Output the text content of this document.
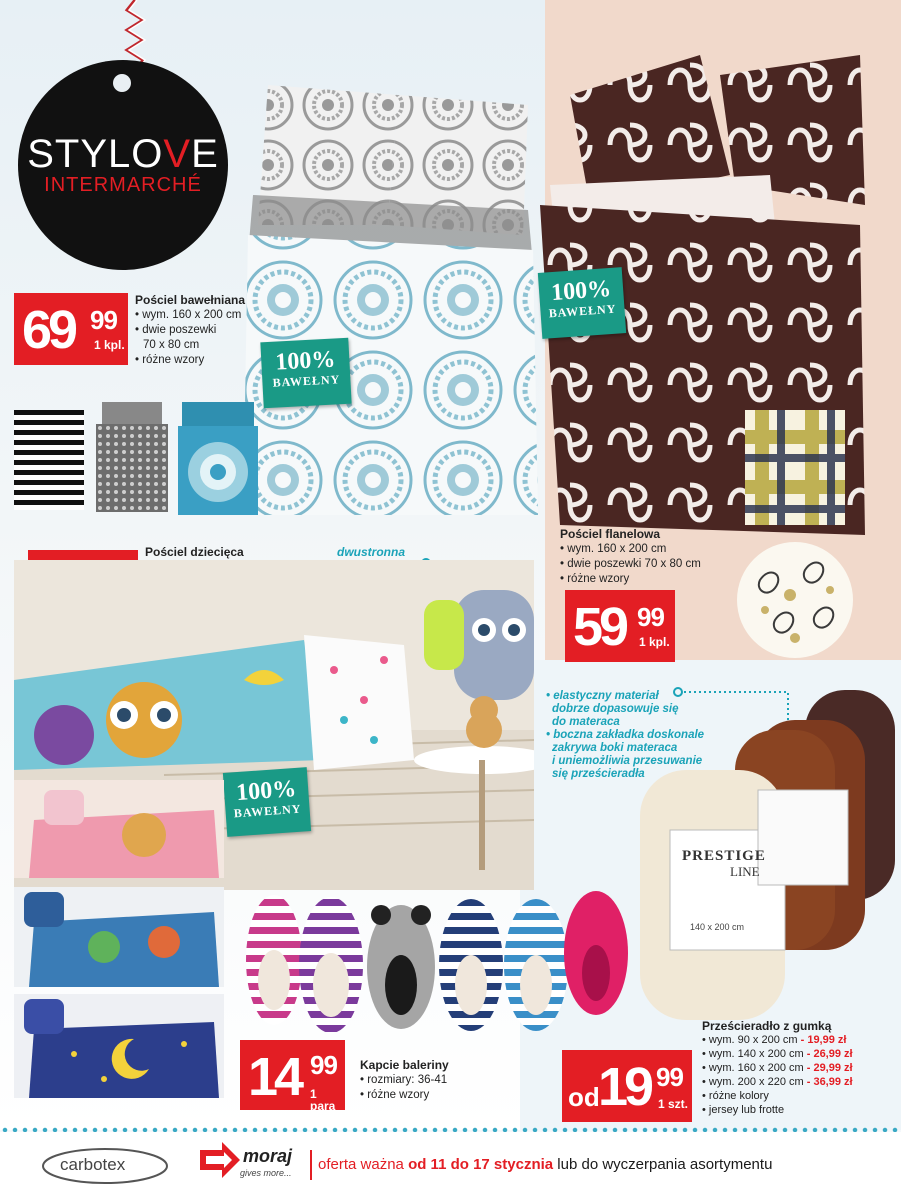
STYLOVE
INTERMARCHÉ
100%
BAWEŁNY
69 99
1 kpl.
Pościel bawełniana
• wym. 160 x 200 cm
• dwie poszewki
70 x 80 cm
• różne wzory
100%
BAWEŁNY
Pościel flanelowa
• wym. 160 x 200 cm
• dwie poszewki 70 x 80 cm
• różne wzory
59 99
1 kpl.
Pościel dziecięca	dwustronna
100%
BAWEŁNY
14 99
1 para
Kapcie baleriny
• rozmiary: 36-41
• różne wzory
• elastyczny materiał
dobrze dopasowuje się
do materaca
• boczna zakładka doskonale
zakrywa boki materaca
i uniemożliwia przesuwanie
się prześcieradła
PRESTIGE
LINE
140 x 200 cm
od
19 99
1 szt.
Prześcieradło z gumką
• wym. 90 x 200 cm - 19,99 zł
• wym. 140 x 200 cm - 26,99 zł
• wym. 160 x 200 cm - 29,99 zł
• wym. 200 x 220 cm - 36,99 zł
• różne kolory
• jersey lub frotte
carbotex	moraj
gives more... oferta ważna od 11 do 17 stycznia lub do wyczerpania asortymentu
